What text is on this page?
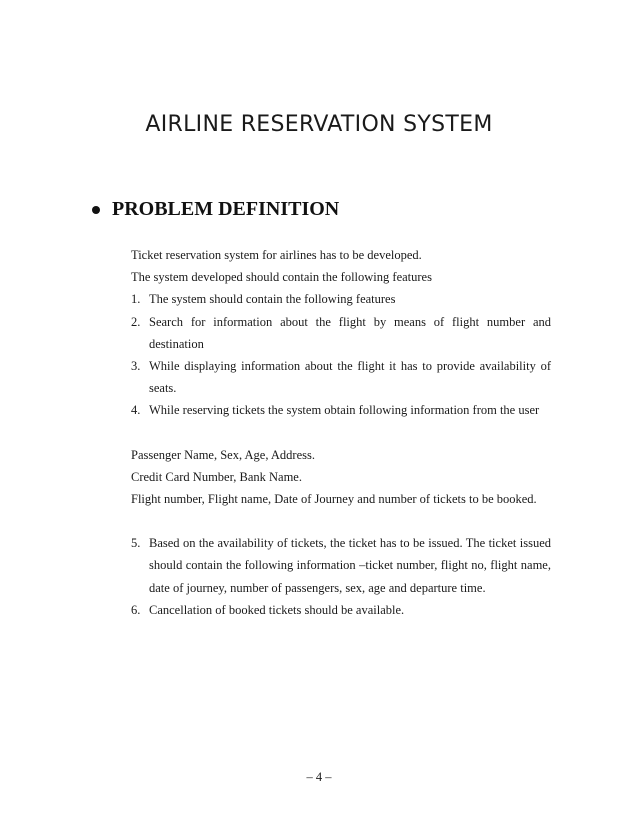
AIRLINE RESERVATION SYSTEM
PROBLEM DEFINITION

Ticket reservation system for airlines has to be developed.

The system developed should contain the following features

1. The system should contain the following features
2. Search for information about the flight by means of flight number and destination
3. While displaying information about the flight it has to provide availability of seats.
4. While reserving tickets the system obtain following information from the user

Passenger Name, Sex, Age, Address.

Credit Card Number, Bank Name.

Flight number, Flight name, Date of Journey and number of tickets to be booked.

5. Based on the availability of tickets, the ticket has to be issued. The ticket issued should contain the following information –ticket number, flight no, flight name, date of journey, number of passengers, sex, age and departure time.
6. Cancellation of booked tickets should be available.
– 4 –
